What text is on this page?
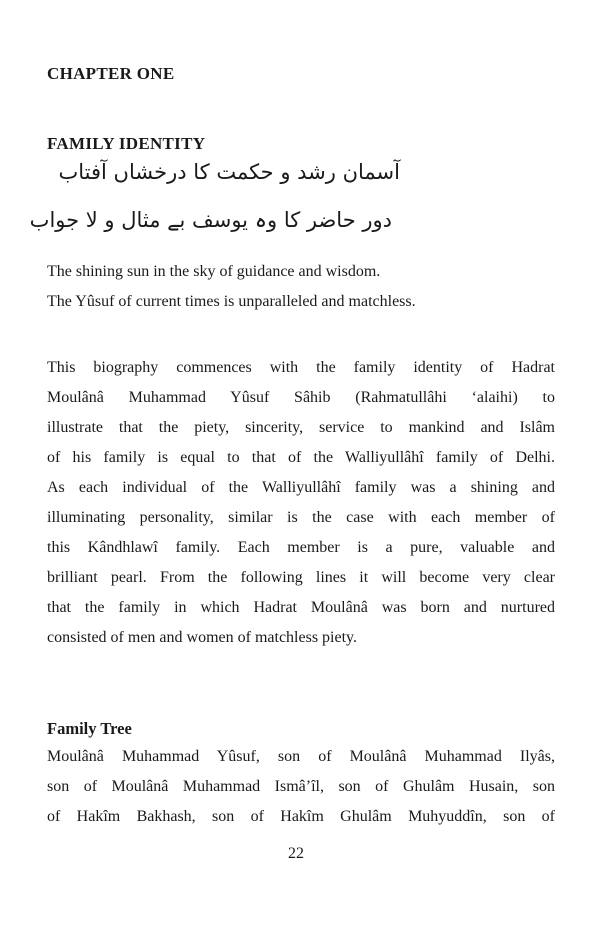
CHAPTER ONE
FAMILY IDENTITY

آسمان رشد و حکمت کا درخشاں آفتاب

دور حاضر کا وہ یوسف بے مثال و لا جواب

The shining sun in the sky of guidance and wisdom.
The Yûsuf of current times is unparalleled and matchless.
This biography commences with the family identity of Hadrat
Moulânâ Muhammad Yûsuf Sâhib (Rahmatullâhi ‘alaihi) to
illustrate that the piety, sincerity, service to mankind and Islâm
of his family is equal to that of the Walliyullâhî family of Delhi.
As each individual of the Walliyullâhî family was a shining and
illuminating personality, similar is the case with each member of
this Kândhlawî family. Each member is a pure, valuable and
brilliant pearl. From the following lines it will become very clear
that the family in which Hadrat Moulânâ was born and nurtured
consisted of men and women of matchless piety.
Family Tree
Moulânâ Muhammad Yûsuf, son of Moulânâ Muhammad Ilyâs,
son of Moulânâ Muhammad Ismâ’îl, son of Ghulâm Husain, son
of Hakîm Bakhash, son of Hakîm Ghulâm Muhyuddîn, son of

22
